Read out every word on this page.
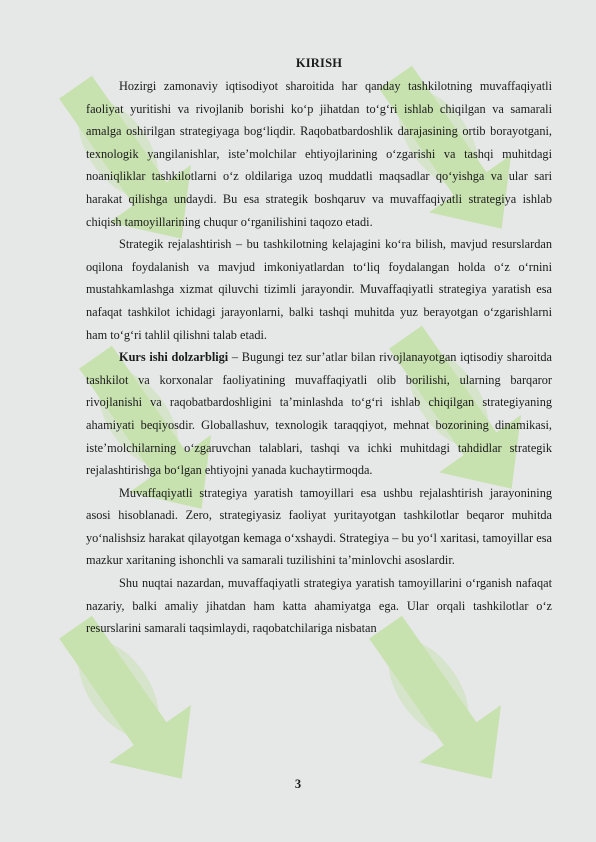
KIRISH

Hozirgi zamonaviy iqtisodiyot sharoitida har qanday tashkilotning muvaffaqiyatli faoliyat yuritishi va rivojlanib borishi ko‘p jihatdan to‘g‘ri ishlab chiqilgan va samarali amalga oshirilgan strategiyaga bog‘liqdir. Raqobatbardoshlik darajasining ortib borayotgani, texnologik yangilanishlar, iste’molchilar ehtiyojlarining o‘zgarishi va tashqi muhitdagi noaniqliklar tashkilotlarni o‘z oldilariga uzoq muddatli maqsadlar qo‘yishga va ular sari harakat qilishga undaydi. Bu esa strategik boshqaruv va muvaffaqiyatli strategiya ishlab chiqish tamoyillarining chuqur o‘rganilishini taqozo etadi.

Strategik rejalashtirish – bu tashkilotning kelajagini ko‘ra bilish, mavjud resurslardan oqilona foydalanish va mavjud imkoniyatlardan to‘liq foydalangan holda o‘z o‘rnini mustahkamlashga xizmat qiluvchi tizimli jarayondir. Muvaffaqiyatli strategiya yaratish esa nafaqat tashkilot ichidagi jarayonlarni, balki tashqi muhitda yuz berayotgan o‘zgarishlarni ham to‘g‘ri tahlil qilishni talab etadi.

Kurs ishi dolzarbligi – Bugungi tez sur’atlar bilan rivojlanayotgan iqtisodiy sharoitda tashkilot va korxonalar faoliyatining muvaffaqiyatli olib borilishi, ularning barqaror rivojlanishi va raqobatbardoshligini ta’minlashda to‘g‘ri ishlab chiqilgan strategiyaning ahamiyati beqiyosdir. Globallashuv, texnologik taraqqiyot, mehnat bozorining dinamikasi, iste’molchilarning o‘zgaruvchan talablari, tashqi va ichki muhitdagi tahdidlar strategik rejalashtirishga bo‘lgan ehtiyojni yanada kuchaytirmoqda.

Muvaffaqiyatli strategiya yaratish tamoyillari esa ushbu rejalashtirish jarayonining asosi hisoblanadi. Zero, strategiyasiz faoliyat yuritayotgan tashkilotlar beqaror muhitda yo‘nalishsiz harakat qilayotgan kemaga o‘xshaydi. Strategiya – bu yo‘l xaritasi, tamoyillar esa mazkur xaritaning ishonchli va samarali tuzilishini ta’minlovchi asoslardir.

Shu nuqtai nazardan, muvaffaqiyatli strategiya yaratish tamoyillarini o‘rganish nafaqat nazariy, balki amaliy jihatdan ham katta ahamiyatga ega. Ular orqali tashkilotlar o‘z resurslarini samarali taqsimlaydi, raqobatchilariga nisbatan

3
